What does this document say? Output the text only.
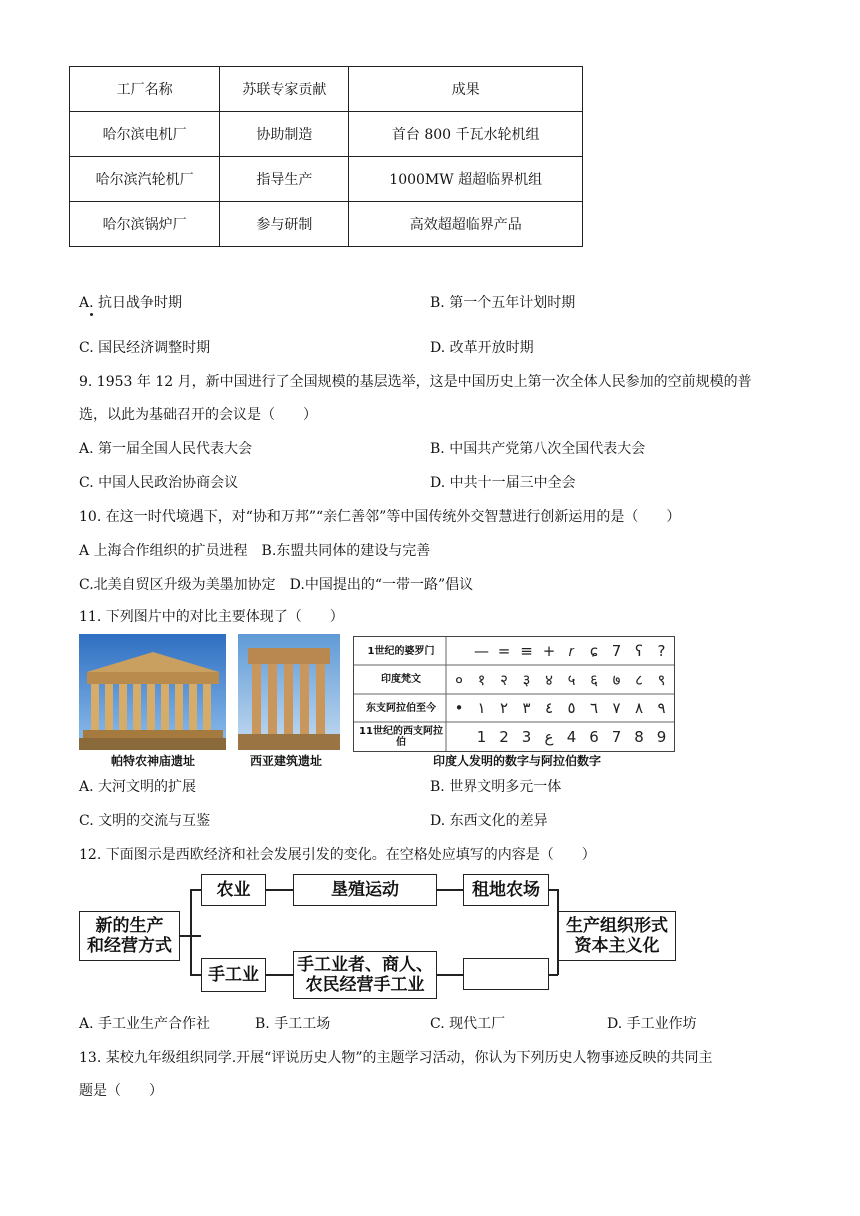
工厂名称	苏联专家贡献	成果
哈尔滨电机厂	协助制造	首台 800 千瓦水轮机组
哈尔滨汽轮机厂	指导生产	1000MW 超超临界机组
哈尔滨锅炉厂	参与研制	高效超超临界产品
A. 抗日战争时期	B. 第一个五年计划时期
C. 国民经济调整时期	D. 改革开放时期
9. 1953 年 12 月，新中国进行了全国规模的基层选举，这是中国历史上第一次全体人民参加的空前规模的普
选，以此为基础召开的会议是（　　）
A. 第一届全国人民代表大会	B. 中国共产党第八次全国代表大会
C. 中国人民政治协商会议	D. 中共十一届三中全会
10. 在这一时代境遇下，对“协和万邦”“亲仁善邻”等中国传统外交智慧进行创新运用的是（　　）
A 上海合作组织的扩员进程　B.东盟共同体的建设与完善
C.北美自贸区升级为美墨加协定　D.中国提出的“一带一路”倡议
11. 下列图片中的对比主要体现了（　　）
帕特农神庙遗址	西亚建筑遗址
1世纪的婆罗门	— = ≡ + 𝑟	ɕ 7 ʕ ?
印度梵文	० १ २ ३ ४ ५ ६ ७ ८ ९
东支阿拉伯至今	• ١ ٢ ٣ ٤ ٥ ٦ ٧ ٨ ٩
11世纪的西支阿拉伯	1 2 3 ع 4 6 7 8 9
印度人发明的数字与阿拉伯数字
A. 大河文明的扩展	B. 世界文明多元一体
C. 文明的交流与互鉴	D. 东西文化的差异
12. 下面图示是西欧经济和社会发展引发的变化。在空格处应填写的内容是（　　）
新的生产
和经营方式
农业	垦殖运动	租地农场
手工业
手工业者、商人、
农民经营手工业
生产组织形式
资本主义化
A. 手工业生产合作社	B. 手工工场	C. 现代工厂	D. 手工业作坊
13. 某校九年级组织同学.开展“评说历史人物”的主题学习活动，你认为下列历史人物事迹反映的共同主
题是（　　）
